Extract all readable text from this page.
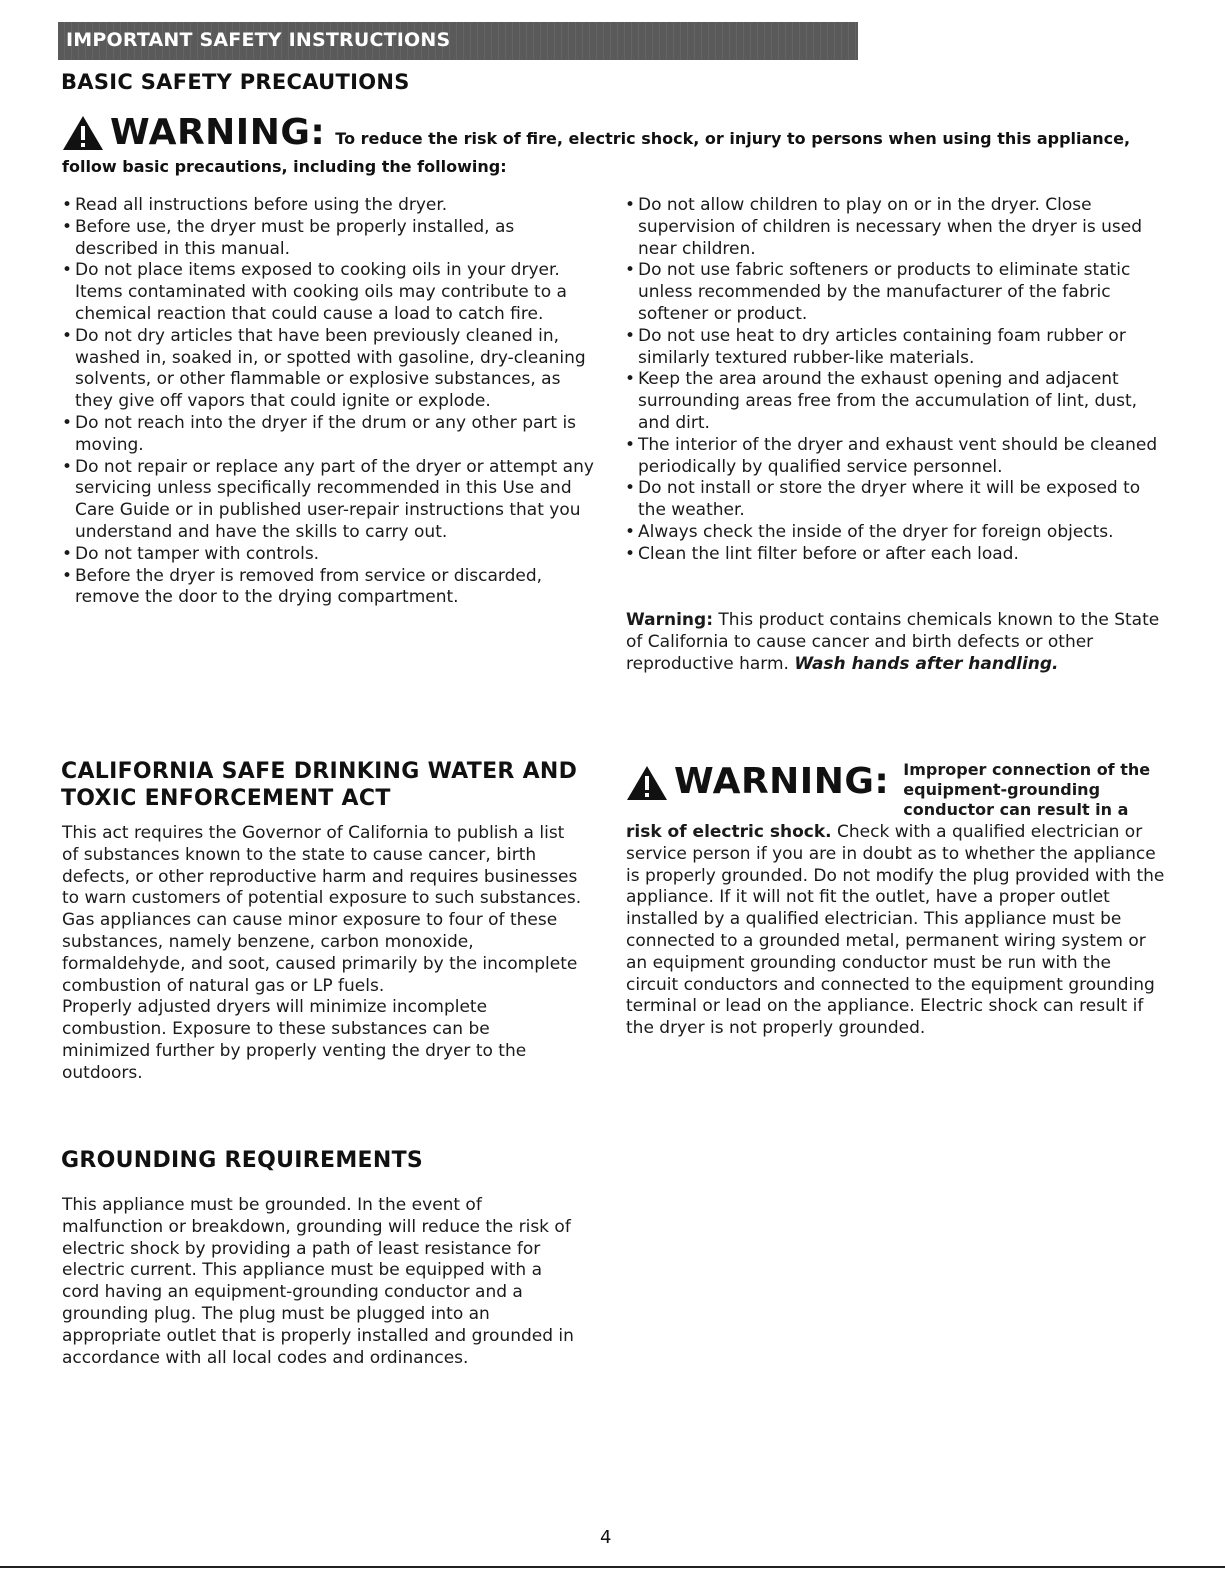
IMPORTANT SAFETY INSTRUCTIONS
BASIC SAFETY PRECAUTIONS
WARNING: To reduce the risk of fire, electric shock, or injury to persons when using this appliance,
follow basic precautions, including the following:
• Read all instructions before using the dryer.
• Before use, the dryer must be properly installed, as described in this manual.
• Do not place items exposed to cooking oils in your dryer. Items contaminated with cooking oils may contribute to a chemical reaction that could cause a load to catch fire.
• Do not dry articles that have been previously cleaned in, washed in, soaked in, or spotted with gasoline, dry-cleaning solvents, or other flammable or explosive substances, as they give off vapors that could ignite or explode.
• Do not reach into the dryer if the drum or any other part is moving.
• Do not repair or replace any part of the dryer or attempt any servicing unless specifically recommended in this Use and Care Guide or in published user-repair instructions that you understand and have the skills to carry out.
• Do not tamper with controls.
• Before the dryer is removed from service or discarded, remove the door to the drying compartment.
• Do not allow children to play on or in the dryer. Close supervision of children is necessary when the dryer is used near children.
• Do not use fabric softeners or products to eliminate static unless recommended by the manufacturer of the fabric softener or product.
• Do not use heat to dry articles containing foam rubber or similarly textured rubber-like materials.
• Keep the area around the exhaust opening and adjacent surrounding areas free from the accumulation of lint, dust, and dirt.
• The interior of the dryer and exhaust vent should be cleaned periodically by qualified service personnel.
• Do not install or store the dryer where it will be exposed to the weather.
• Always check the inside of the dryer for foreign objects.
• Clean the lint filter before or after each load.
Warning: This product contains chemicals known to the State of California to cause cancer and birth defects or other reproductive harm. Wash hands after handling.
CALIFORNIA SAFE DRINKING WATER AND
TOXIC ENFORCEMENT ACT
This act requires the Governor of California to publish a list of substances known to the state to cause cancer, birth defects, or other reproductive harm and requires businesses to warn customers of potential exposure to such substances. Gas appliances can cause minor exposure to four of these substances, namely benzene, carbon monoxide, formaldehyde, and soot, caused primarily by the incomplete combustion of natural gas or LP fuels.
Properly adjusted dryers will minimize incomplete combustion. Exposure to these substances can be minimized further by properly venting the dryer to the outdoors.
WARNING: Improper connection of the
equipment-grounding
conductor can result in a
risk of electric shock. Check with a qualified electrician or service person if you are in doubt as to whether the appliance is properly grounded. Do not modify the plug provided with the appliance. If it will not fit the outlet, have a proper outlet installed by a qualified electrician. This appliance must be connected to a grounded metal, permanent wiring system or an equipment grounding conductor must be run with the circuit conductors and connected to the equipment grounding terminal or lead on the appliance. Electric shock can result if the dryer is not properly grounded.
GROUNDING REQUIREMENTS
This appliance must be grounded. In the event of malfunction or breakdown, grounding will reduce the risk of electric shock by providing a path of least resistance for electric current. This appliance must be equipped with a cord having an equipment-grounding conductor and a grounding plug. The plug must be plugged into an appropriate outlet that is properly installed and grounded in accordance with all local codes and ordinances.
4
